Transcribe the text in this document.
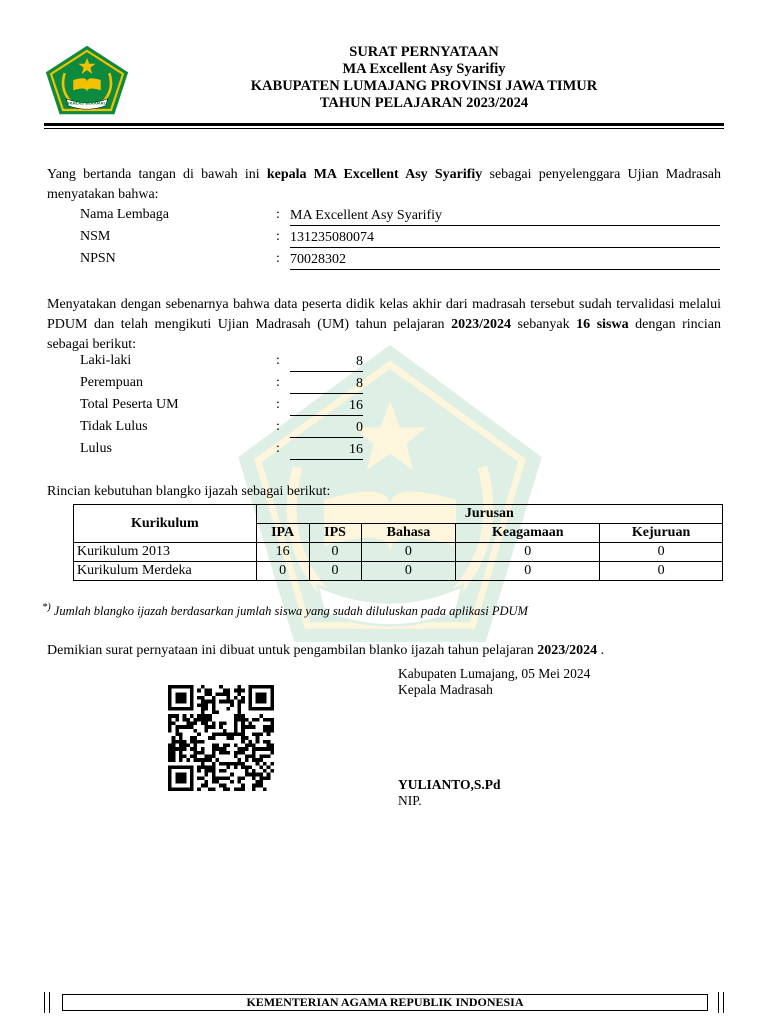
IKHLAS BERAMAL
SURAT PERNYATAAN
MA Excellent Asy Syarifiy
KABUPATEN LUMAJANG PROVINSI JAWA TIMUR
TAHUN PELAJARAN 2023/2024
Yang bertanda tangan di bawah ini kepala MA Excellent Asy Syarifiy sebagai penyelenggara Ujian Madrasah menyatakan bahwa:
Nama Lembaga	: MA Excellent Asy Syarifiy
NSM	: 131235080074
NPSN	: 70028302
Menyatakan dengan sebenarnya bahwa data peserta didik kelas akhir dari madrasah tersebut sudah tervalidasi melalui PDUM dan telah mengikuti Ujian Madrasah (UM) tahun pelajaran 2023/2024 sebanyak 16 siswa dengan rincian sebagai berikut:
Laki-laki	:	8
Perempuan	:	8
Total Peserta UM	:	16
Tidak Lulus	:	0
Lulus	:	16
Rincian kebutuhan blangko ijazah sebagai berikut:
Kurikulum	Jurusan				
	IPA	IPS	Bahasa	Keagamaan	Kejuruan
Kurikulum 2013	16	0	0	0	0
Kurikulum Merdeka	0	0	0	0	0
*) Jumlah blangko ijazah berdasarkan jumlah siswa yang sudah diluluskan pada aplikasi PDUM
Demikian surat pernyataan ini dibuat untuk pengambilan blanko ijazah tahun pelajaran 2023/2024 .
Kabupaten Lumajang, 05 Mei 2024
Kepala Madrasah
YULIANTO,S.Pd
NIP.
KEMENTERIAN AGAMA REPUBLIK INDONESIA
